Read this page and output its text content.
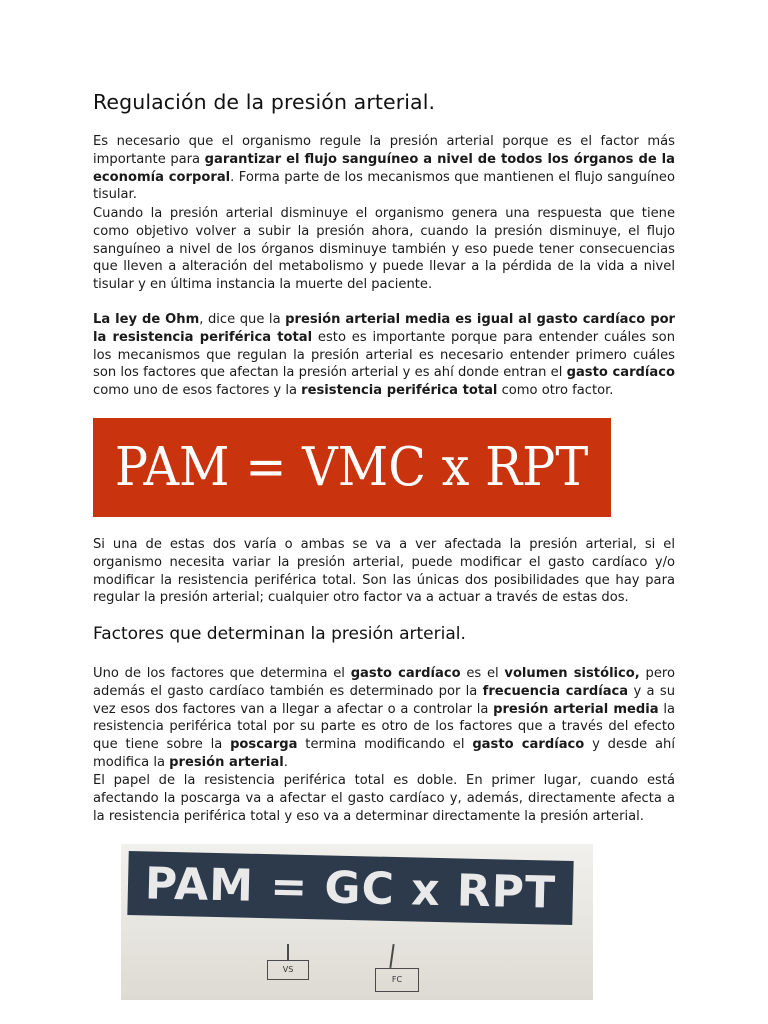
Regulación de la presión arterial.

Es necesario que el organismo regule la presión arterial porque es el factor más importante para garantizar el flujo sanguíneo a nivel de todos los órganos de la economía corporal. Forma parte de los mecanismos que mantienen el flujo sanguíneo tisular.

Cuando la presión arterial disminuye el organismo genera una respuesta que tiene como objetivo volver a subir la presión ahora, cuando la presión disminuye, el flujo sanguíneo a nivel de los órganos disminuye también y eso puede tener consecuencias que lleven a alteración del metabolismo y puede llevar a la pérdida de la vida a nivel tisular y en última instancia la muerte del paciente.

La ley de Ohm, dice que la presión arterial media es igual al gasto cardíaco por la resistencia periférica total esto es importante porque para entender cuáles son los mecanismos que regulan la presión arterial es necesario entender primero cuáles son los factores que afectan la presión arterial y es ahí donde entran el gasto cardíaco como uno de esos factores y la resistencia periférica total como otro factor.

Si una de estas dos varía o ambas se va a ver afectada la presión arterial, si el organismo necesita variar la presión arterial, puede modificar el gasto cardíaco y/o modificar la resistencia periférica total. Son las únicas dos posibilidades que hay para regular la presión arterial; cualquier otro factor va a actuar a través de estas dos.

Factores que determinan la presión arterial.

Uno de los factores que determina el gasto cardíaco es el volumen sistólico, pero además el gasto cardíaco también es determinado por la frecuencia cardíaca y a su vez esos dos factores van a llegar a afectar o a controlar la presión arterial media la resistencia periférica total por su parte es otro de los factores que a través del efecto que tiene sobre la poscarga termina modificando el gasto cardíaco y desde ahí modifica la presión arterial.

El papel de la resistencia periférica total es doble. En primer lugar, cuando está afectando la poscarga va a afectar el gasto cardíaco y, además, directamente afecta a la resistencia periférica total y eso va a determinar directamente la presión arterial.

PAM = VMC x RPT
PAM = GC x RPT
VS
FC
